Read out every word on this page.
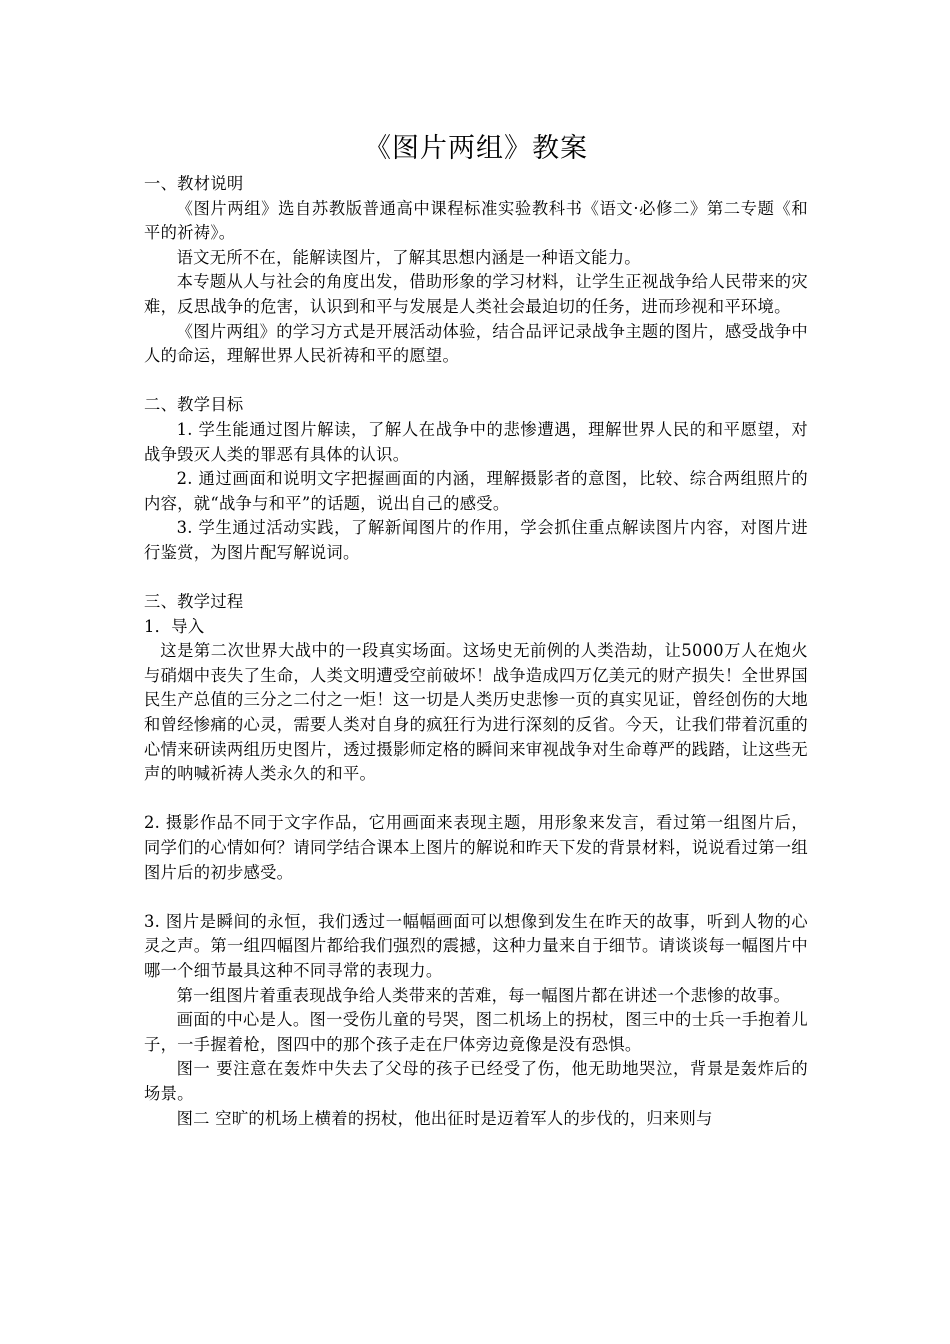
《图片两组》教案

一、教材说明

《图片两组》选自苏教版普通高中课程标准实验教科书《语文·必修二》第二专题《和平的祈祷》。

语文无所不在，能解读图片，了解其思想内涵是一种语文能力。

本专题从人与社会的角度出发，借助形象的学习材料，让学生正视战争给人民带来的灾难，反思战争的危害，认识到和平与发展是人类社会最迫切的任务，进而珍视和平环境。

《图片两组》的学习方式是开展活动体验，结合品评记录战争主题的图片，感受战争中人的命运，理解世界人民祈祷和平的愿望。

二、教学目标

1. 学生能通过图片解读，了解人在战争中的悲惨遭遇，理解世界人民的和平愿望，对战争毁灭人类的罪恶有具体的认识。

2. 通过画面和说明文字把握画面的内涵，理解摄影者的意图，比较、综合两组照片的内容，就“战争与和平”的话题，说出自己的感受。

3. 学生通过活动实践，了解新闻图片的作用，学会抓住重点解读图片内容，对图片进行鉴赏，为图片配写解说词。

三、教学过程

1．导入

这是第二次世界大战中的一段真实场面。这场史无前例的人类浩劫，让5000万人在炮火与硝烟中丧失了生命，人类文明遭受空前破坏！战争造成四万亿美元的财产损失！全世界国民生产总值的三分之二付之一炬！这一切是人类历史悲惨一页的真实见证，曾经创伤的大地和曾经惨痛的心灵，需要人类对自身的疯狂行为进行深刻的反省。今天，让我们带着沉重的心情来研读两组历史图片，透过摄影师定格的瞬间来审视战争对生命尊严的践踏，让这些无声的呐喊祈祷人类永久的和平。

2. 摄影作品不同于文字作品，它用画面来表现主题，用形象来发言，看过第一组图片后，同学们的心情如何？请同学结合课本上图片的解说和昨天下发的背景材料，说说看过第一组图片后的初步感受。

3. 图片是瞬间的永恒，我们透过一幅幅画面可以想像到发生在昨天的故事，听到人物的心灵之声。第一组四幅图片都给我们强烈的震撼，这种力量来自于细节。请谈谈每一幅图片中哪一个细节最具这种不同寻常的表现力。

第一组图片着重表现战争给人类带来的苦难，每一幅图片都在讲述一个悲惨的故事。

画面的中心是人。图一受伤儿童的号哭，图二机场上的拐杖，图三中的士兵一手抱着儿子，一手握着枪，图四中的那个孩子走在尸体旁边竟像是没有恐惧。

图一 要注意在轰炸中失去了父母的孩子已经受了伤，他无助地哭泣，背景是轰炸后的场景。

图二 空旷的机场上横着的拐杖，他出征时是迈着军人的步伐的，归来则与
